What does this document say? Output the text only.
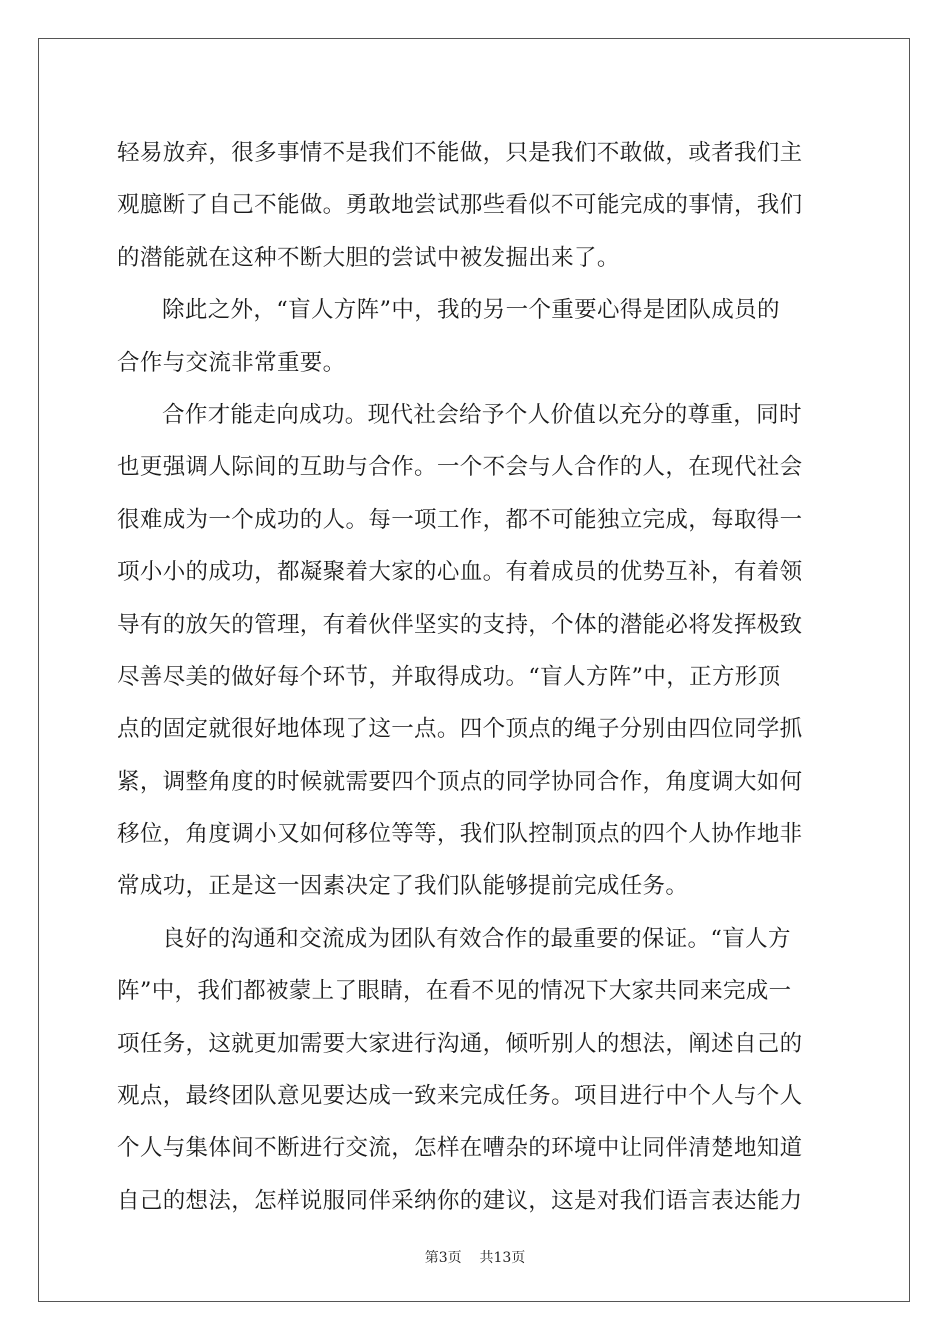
轻易放弃，很多事情不是我们不能做，只是我们不敢做，或者我们主
观臆断了自己不能做。勇敢地尝试那些看似不可能完成的事情，我们
的潜能就在这种不断大胆的尝试中被发掘出来了。
除此之外，“盲人方阵”中，我的另一个重要心得是团队成员的
合作与交流非常重要。
合作才能走向成功。现代社会给予个人价值以充分的尊重，同时
也更强调人际间的互助与合作。一个不会与人合作的人，在现代社会
很难成为一个成功的人。每一项工作，都不可能独立完成，每取得一
项小小的成功，都凝聚着大家的心血。有着成员的优势互补，有着领
导有的放矢的管理，有着伙伴坚实的支持，个体的潜能必将发挥极致
尽善尽美的做好每个环节，并取得成功。“盲人方阵”中，正方形顶
点的固定就很好地体现了这一点。四个顶点的绳子分别由四位同学抓
紧，调整角度的时候就需要四个顶点的同学协同合作，角度调大如何
移位，角度调小又如何移位等等，我们队控制顶点的四个人协作地非
常成功，正是这一因素决定了我们队能够提前完成任务。
良好的沟通和交流成为团队有效合作的最重要的保证。“盲人方
阵”中，我们都被蒙上了眼睛，在看不见的情况下大家共同来完成一
项任务，这就更加需要大家进行沟通，倾听别人的想法，阐述自己的
观点，最终团队意见要达成一致来完成任务。项目进行中个人与个人
个人与集体间不断进行交流，怎样在嘈杂的环境中让同伴清楚地知道
自己的想法，怎样说服同伴采纳你的建议，这是对我们语言表达能力
第3页    共13页
